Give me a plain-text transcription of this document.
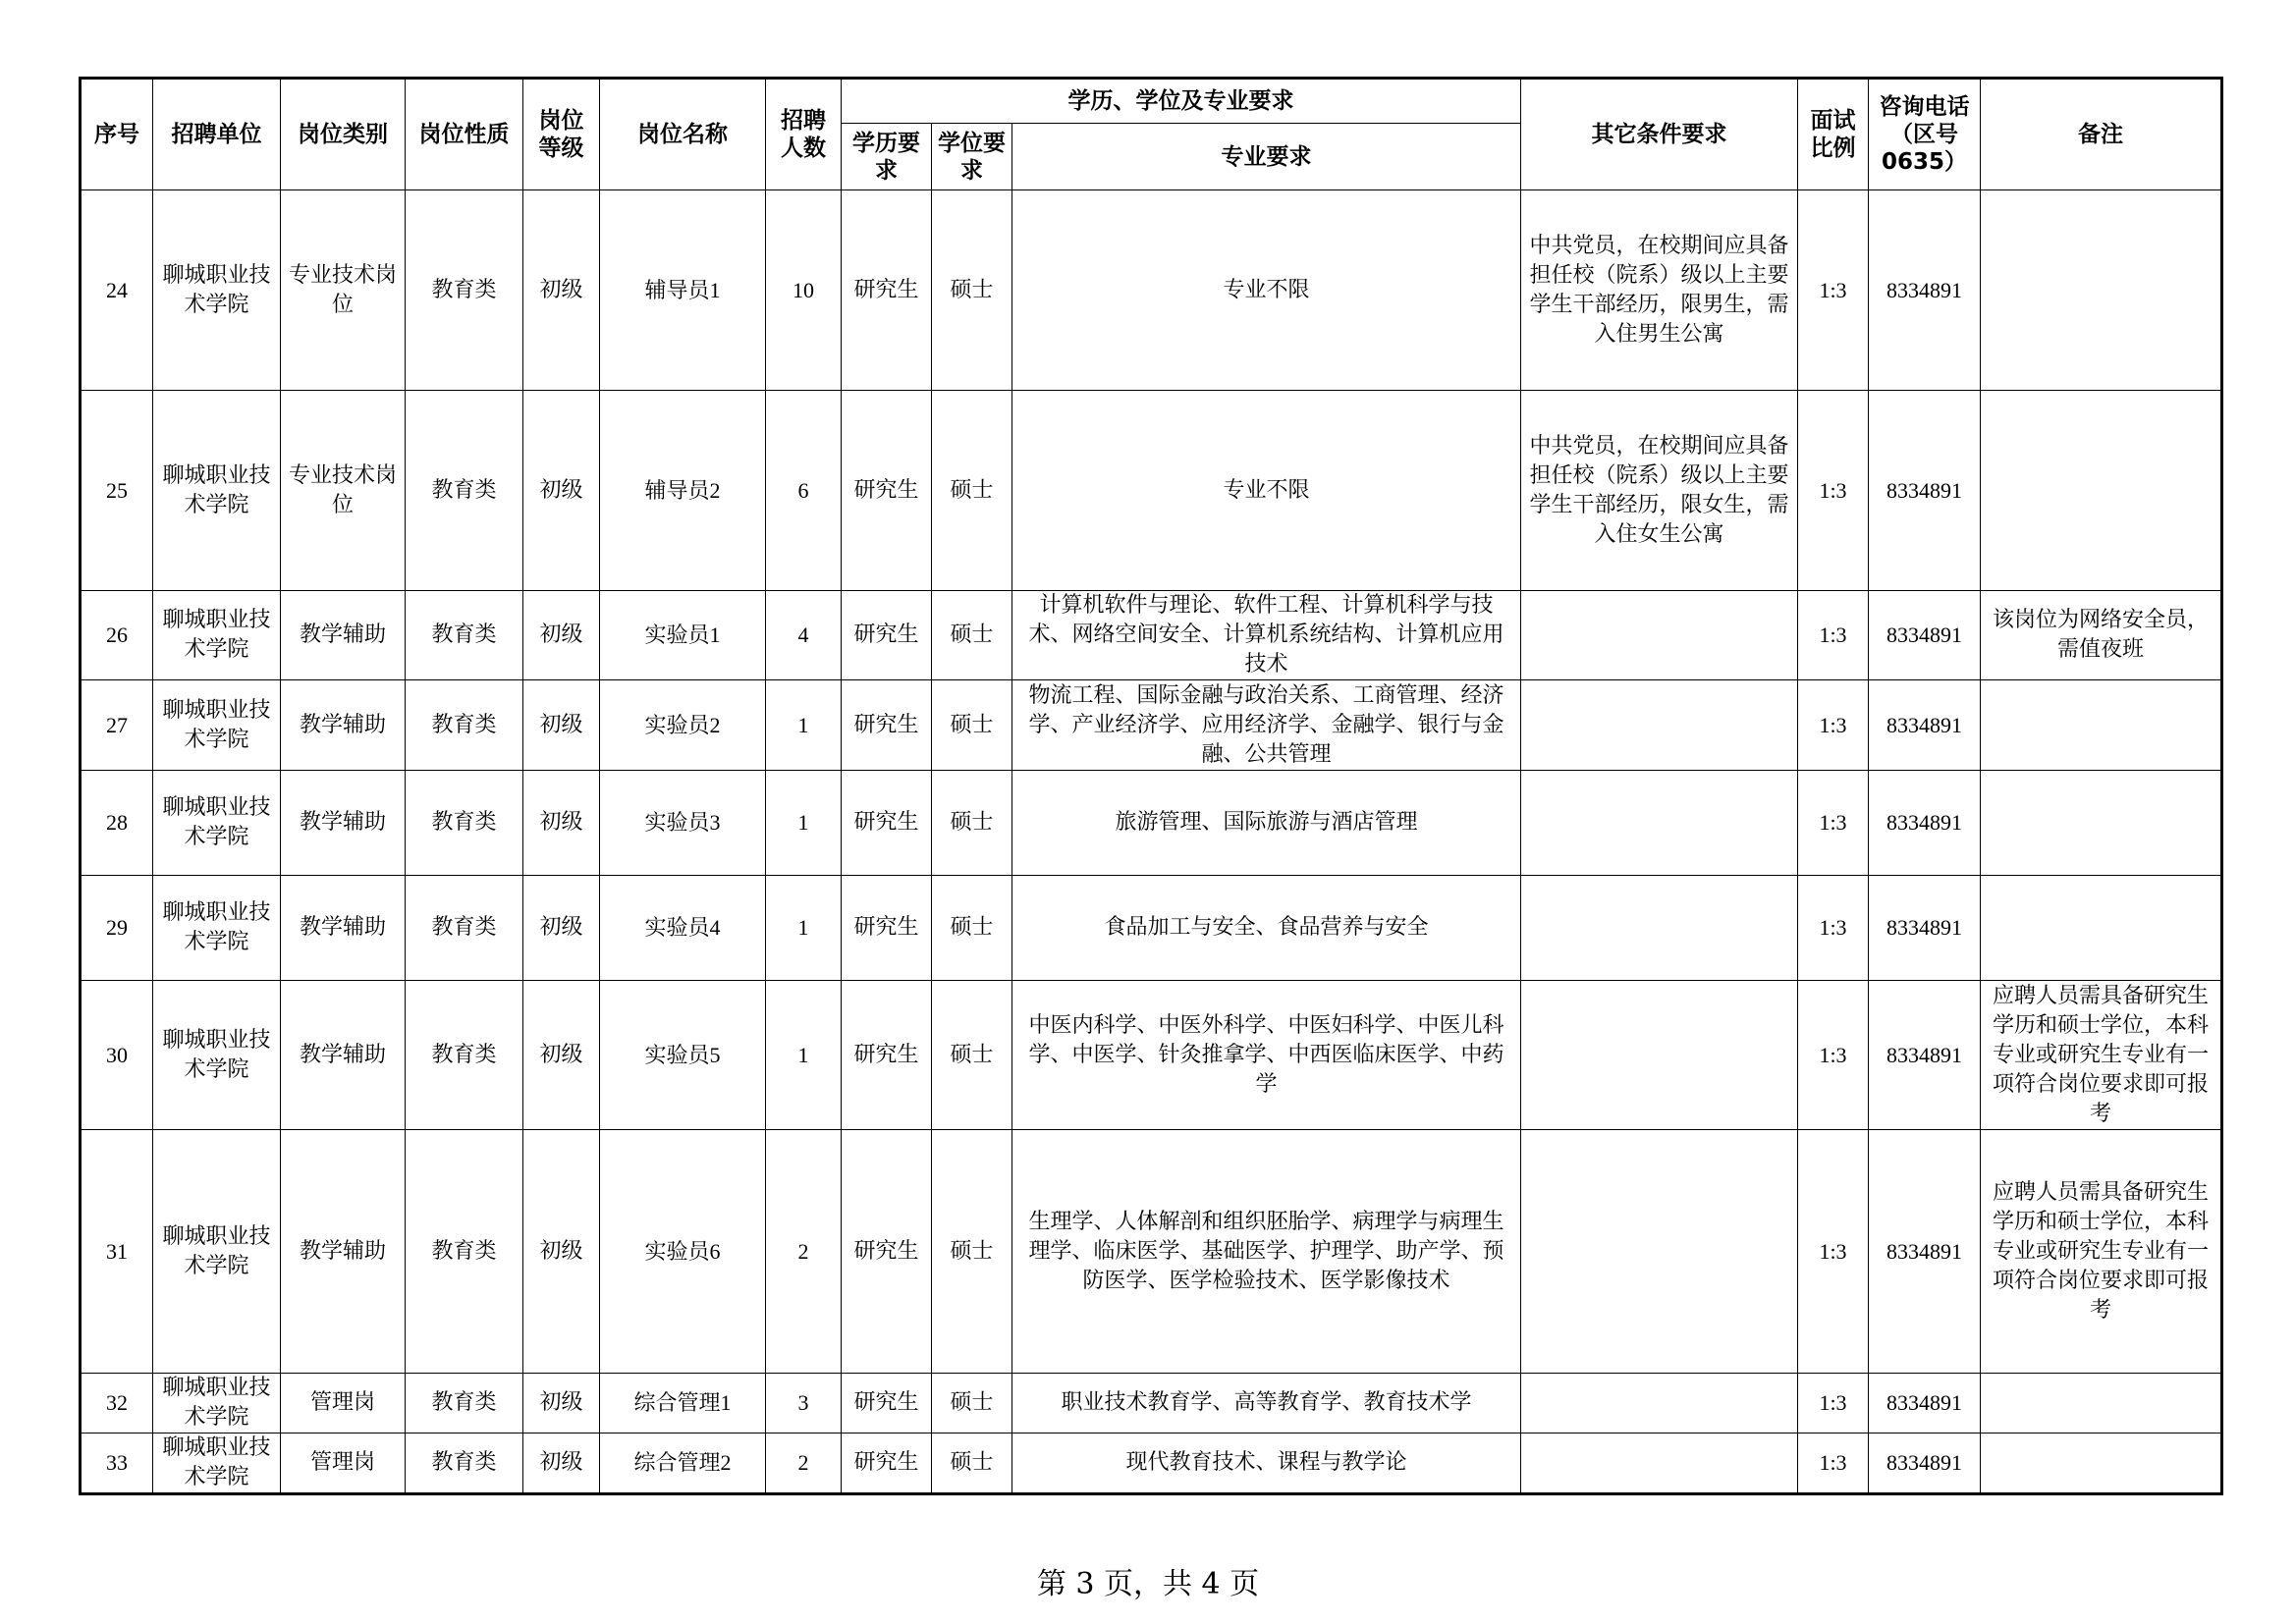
序号	招聘单位	岗位类别	岗位性质	岗位等级	岗位名称	招聘人数	学历、学位及专业要求			其它条件要求	面试比例	咨询电话（区号0635）	备注
							学历要求	学位要求	专业要求				
24	聊城职业技术学院	专业技术岗位	教育类	初级	辅导员1	10	研究生	硕士	专业不限	中共党员，在校期间应具备担任校（院系）级以上主要学生干部经历，限男生，需入住男生公寓	1:3	8334891	
25	聊城职业技术学院	专业技术岗位	教育类	初级	辅导员2	6	研究生	硕士	专业不限	中共党员，在校期间应具备担任校（院系）级以上主要学生干部经历，限女生，需入住女生公寓	1:3	8334891	
26	聊城职业技术学院	教学辅助	教育类	初级	实验员1	4	研究生	硕士	计算机软件与理论、软件工程、计算机科学与技术、网络空间安全、计算机系统结构、计算机应用技术		1:3	8334891	该岗位为网络安全员，需值夜班
27	聊城职业技术学院	教学辅助	教育类	初级	实验员2	1	研究生	硕士	物流工程、国际金融与政治关系、工商管理、经济学、产业经济学、应用经济学、金融学、银行与金融、公共管理		1:3	8334891	
28	聊城职业技术学院	教学辅助	教育类	初级	实验员3	1	研究生	硕士	旅游管理、国际旅游与酒店管理		1:3	8334891	
29	聊城职业技术学院	教学辅助	教育类	初级	实验员4	1	研究生	硕士	食品加工与安全、食品营养与安全		1:3	8334891	
30	聊城职业技术学院	教学辅助	教育类	初级	实验员5	1	研究生	硕士	中医内科学、中医外科学、中医妇科学、中医儿科学、中医学、针灸推拿学、中西医临床医学、中药学		1:3	8334891	应聘人员需具备研究生学历和硕士学位，本科专业或研究生专业有一项符合岗位要求即可报考
31	聊城职业技术学院	教学辅助	教育类	初级	实验员6	2	研究生	硕士	生理学、人体解剖和组织胚胎学、病理学与病理生理学、临床医学、基础医学、护理学、助产学、预防医学、医学检验技术、医学影像技术		1:3	8334891	应聘人员需具备研究生学历和硕士学位，本科专业或研究生专业有一项符合岗位要求即可报考
32	聊城职业技术学院	管理岗	教育类	初级	综合管理1	3	研究生	硕士	职业技术教育学、高等教育学、教育技术学		1:3	8334891	
33	聊城职业技术学院	管理岗	教育类	初级	综合管理2	2	研究生	硕士	现代教育技术、课程与教学论		1:3	8334891	
第 3 页，共 4 页
